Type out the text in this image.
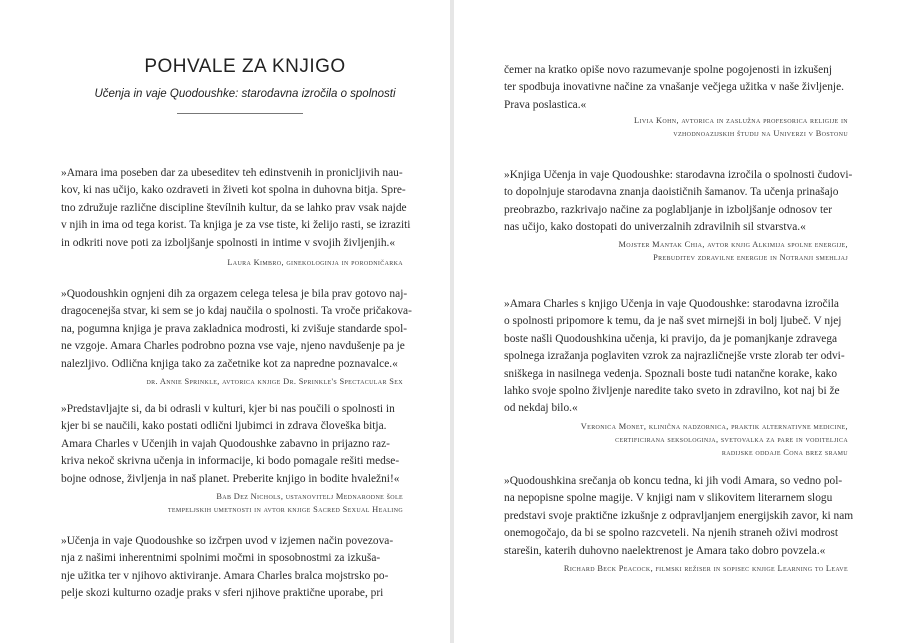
POHVALE ZA KNJIGO
Učenja in vaje Quodoushke: starodavna izročila o spolnosti
»Amara ima poseben dar za ubeseditev teh edinstvenih in pronicljivih nau-
kov, ki nas učijo, kako ozdraveti in živeti kot spolna in duhovna bitja. Spre-
tno združuje različne discipline števílnih kultur, da se lahko prav vsak najde
v njih in ima od tega korist. Ta knjiga je za vse tiste, ki želijo rasti, se izraziti
in odkriti nove poti za izboljšanje spolnosti in intime v svojih življenjih.«
Laura Kimbro, ginekologinja in porodničarka
»Quodoushkin ognjeni dih za orgazem celega telesa je bila prav gotovo naj-
dragocenejša stvar, ki sem se jo kdaj naučila o spolnosti. Ta vroče pričakova-
na, pogumna knjiga je prava zakladnica modrosti, ki zvišuje standarde spol-
ne vzgoje. Amara Charles podrobno pozna vse vaje, njeno navdušenje pa je
nalezljivo. Odlična knjiga tako za začetnike kot za napredne poznavalce.«
dr. Annie Sprinkle, avtorica knjige Dr. Sprinkle's Spectacular Sex
»Predstavljajte si, da bi odrasli v kulturi, kjer bi nas poučili o spolnosti in
kjer bi se naučili, kako postati odlični ljubimci in zdrava človeška bitja.
Amara Charles v Učenjih in vajah Quodoushke zabavno in prijazno raz-
kriva nekoč skrivna učenja in informacije, ki bodo pomagale rešiti medse-
bojne odnose, življenja in naš planet. Preberite knjigo in bodite hvaležni!«
Bab Dez Nichols, ustanovitelj Mednarodne šole
tempeljskih umetnosti in avtor knjige Sacred Sexual Healing
»Učenja in vaje Quodoushke so izčrpen uvod v izjemen način povezova-
nja z našimi inherentnimi spolnimi močmi in sposobnostmi za izkuša-
nje užitka ter v njihovo aktiviranje. Amara Charles bralca mojstrsko po-
pelje skozi kulturno ozadje praks v sferi njihove praktične uporabe, pri
čemer na kratko opiše novo razumevanje spolne pogojenosti in izkušenj
ter spodbuja inovativne načine za vnašanje večjega užitka v naše življenje.
Prava poslastica.«
Livia Kohn, avtorica in zaslužna profesorica religije in
vzhodnoazijskih študij na Univerzi v Bostonu
»Knjiga Učenja in vaje Quodoushke: starodavna izročila o spolnosti čudovi-
to dopolnjuje starodavna znanja daoističnih šamanov. Ta učenja prinašajo
preobrazbo, razkrivajo načine za poglabljanje in izboljšanje odnosov ter
nas učijo, kako dostopati do univerzalnih zdravilnih sil stvarstva.«
Mojster Mantak Chia, avtor knjig Alkimija spolne energije,
Prebuditev zdravilne energije in Notranji smehljaj
»Amara Charles s knjigo Učenja in vaje Quodoushke: starodavna izročila
o spolnosti pripomore k temu, da je naš svet mirnejši in bolj ljubeč. V njej
boste našli Quodoushkina učenja, ki pravijo, da je pomanjkanje zdravega
spolnega izražanja poglaviten vzrok za najrazličnejše vrste zlorab ter odvi-
sniškega in nasilnega vedenja. Spoznali boste tudi natančne korake, kako
lahko svoje spolno življenje naredite tako sveto in zdravilno, kot naj bi že
od nekdaj bilo.«
Veronica Monet, klinična nadzornica, praktik alternativne medicine,
certificirana seksologinja, svetovalka za pare in voditeljica
radijske oddaje Cona brez sramu
»Quodoushkina srečanja ob koncu tedna, ki jih vodi Amara, so vedno pol-
na nepopisne spolne magije. V knjigi nam v slikovitem literarnem slogu
predstavi svoje praktične izkušnje z odpravljanjem energijskih zavor, ki nam
onemogočajo, da bi se spolno razcveteli. Na njenih straneh oživi modrost
starešin, katerih duhovno naelektrenost je Amara tako dobro povzela.«
Richard Beck Peacock, filmski režiser in sopisec knjige Learning to Leave
